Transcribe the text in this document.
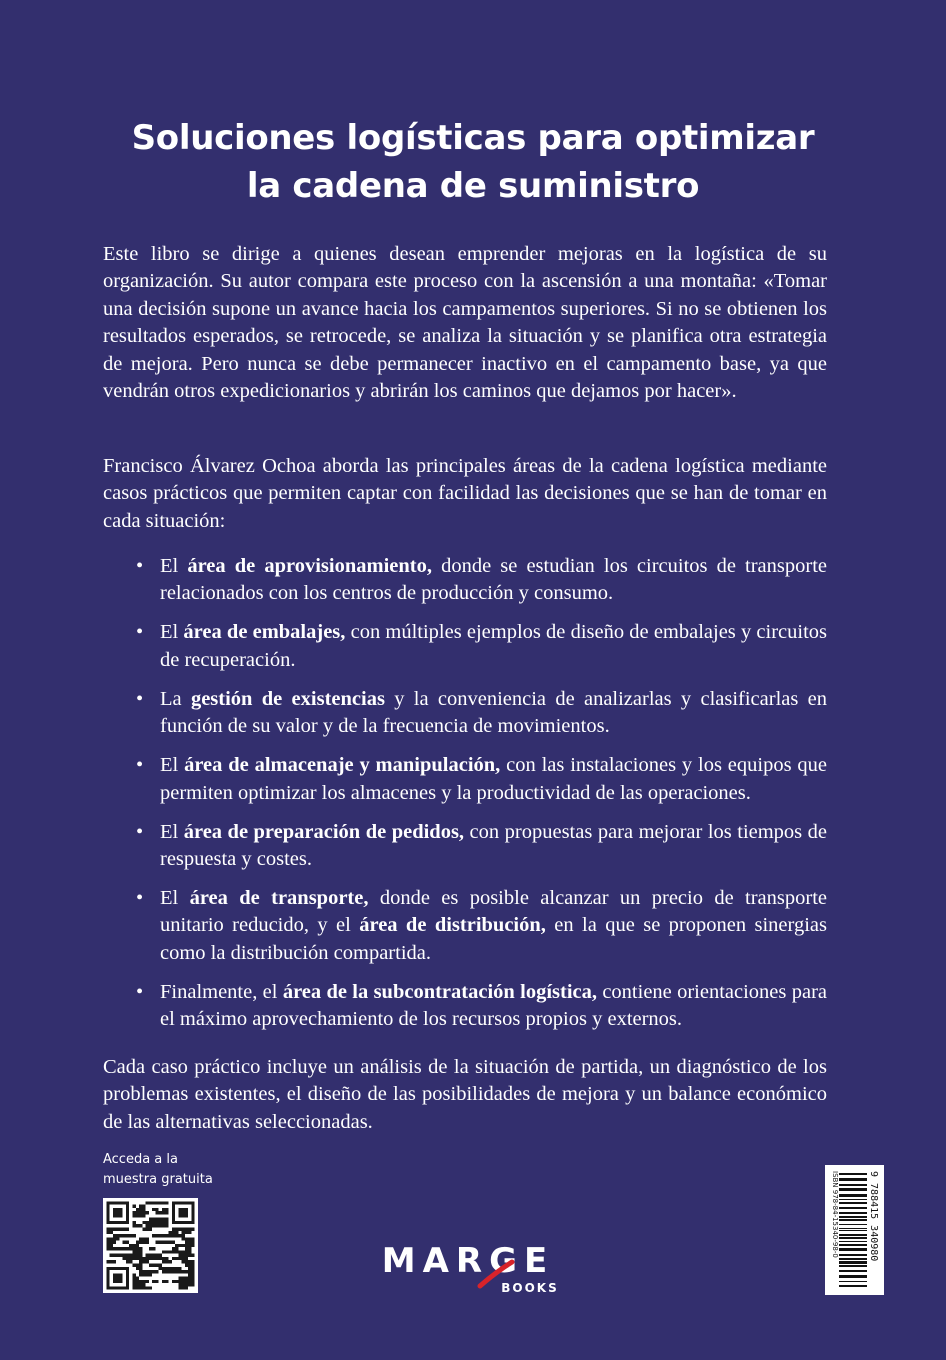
Soluciones logísticas para optimizar
la cadena de suministro

Este libro se dirige a quienes desean emprender mejoras en la logística de su organización. Su autor compara este proceso con la ascensión a una montaña: «Tomar una decisión supone un avance hacia los campamentos superiores. Si no se obtienen los resultados esperados, se retrocede, se analiza la situación y se planifica otra estrategia de mejora. Pero nunca se debe permanecer inactivo en el campamento base, ya que vendrán otros expedicionarios y abrirán los caminos que dejamos por hacer».

Francisco Álvarez Ochoa aborda las principales áreas de la cadena logística mediante casos prácticos que permiten captar con facilidad las decisiones que se han de tomar en cada situación:

• El área de aprovisionamiento, donde se estudian los circuitos de transporte relacionados con los centros de producción y consumo.
• El área de embalajes, con múltiples ejemplos de diseño de embalajes y circuitos de recuperación.
• La gestión de existencias y la conveniencia de analizarlas y clasificarlas en función de su valor y de la frecuencia de movimientos.
• El área de almacenaje y manipulación, con las instalaciones y los equipos que permiten optimizar los almacenes y la productividad de las operaciones.
• El área de preparación de pedidos, con propuestas para mejorar los tiempos de respuesta y costes.
• El área de transporte, donde es posible alcanzar un precio de transporte unitario reducido, y el área de distribución, en la que se proponen sinergias como la distribución compartida.
• Finalmente, el área de la subcontratación logística, contiene orientaciones para el máximo aprovechamiento de los recursos propios y externos.

Cada caso práctico incluye un análisis de la situación de partida, un diagnóstico de los problemas existentes, el diseño de las posibilidades de mejora y un balance económico de las alternativas seleccionadas.

Acceda a la
muestra gratuita
MARGE
BOOKS
ISBN 978-84-15340-98-0	9 788415 340980
